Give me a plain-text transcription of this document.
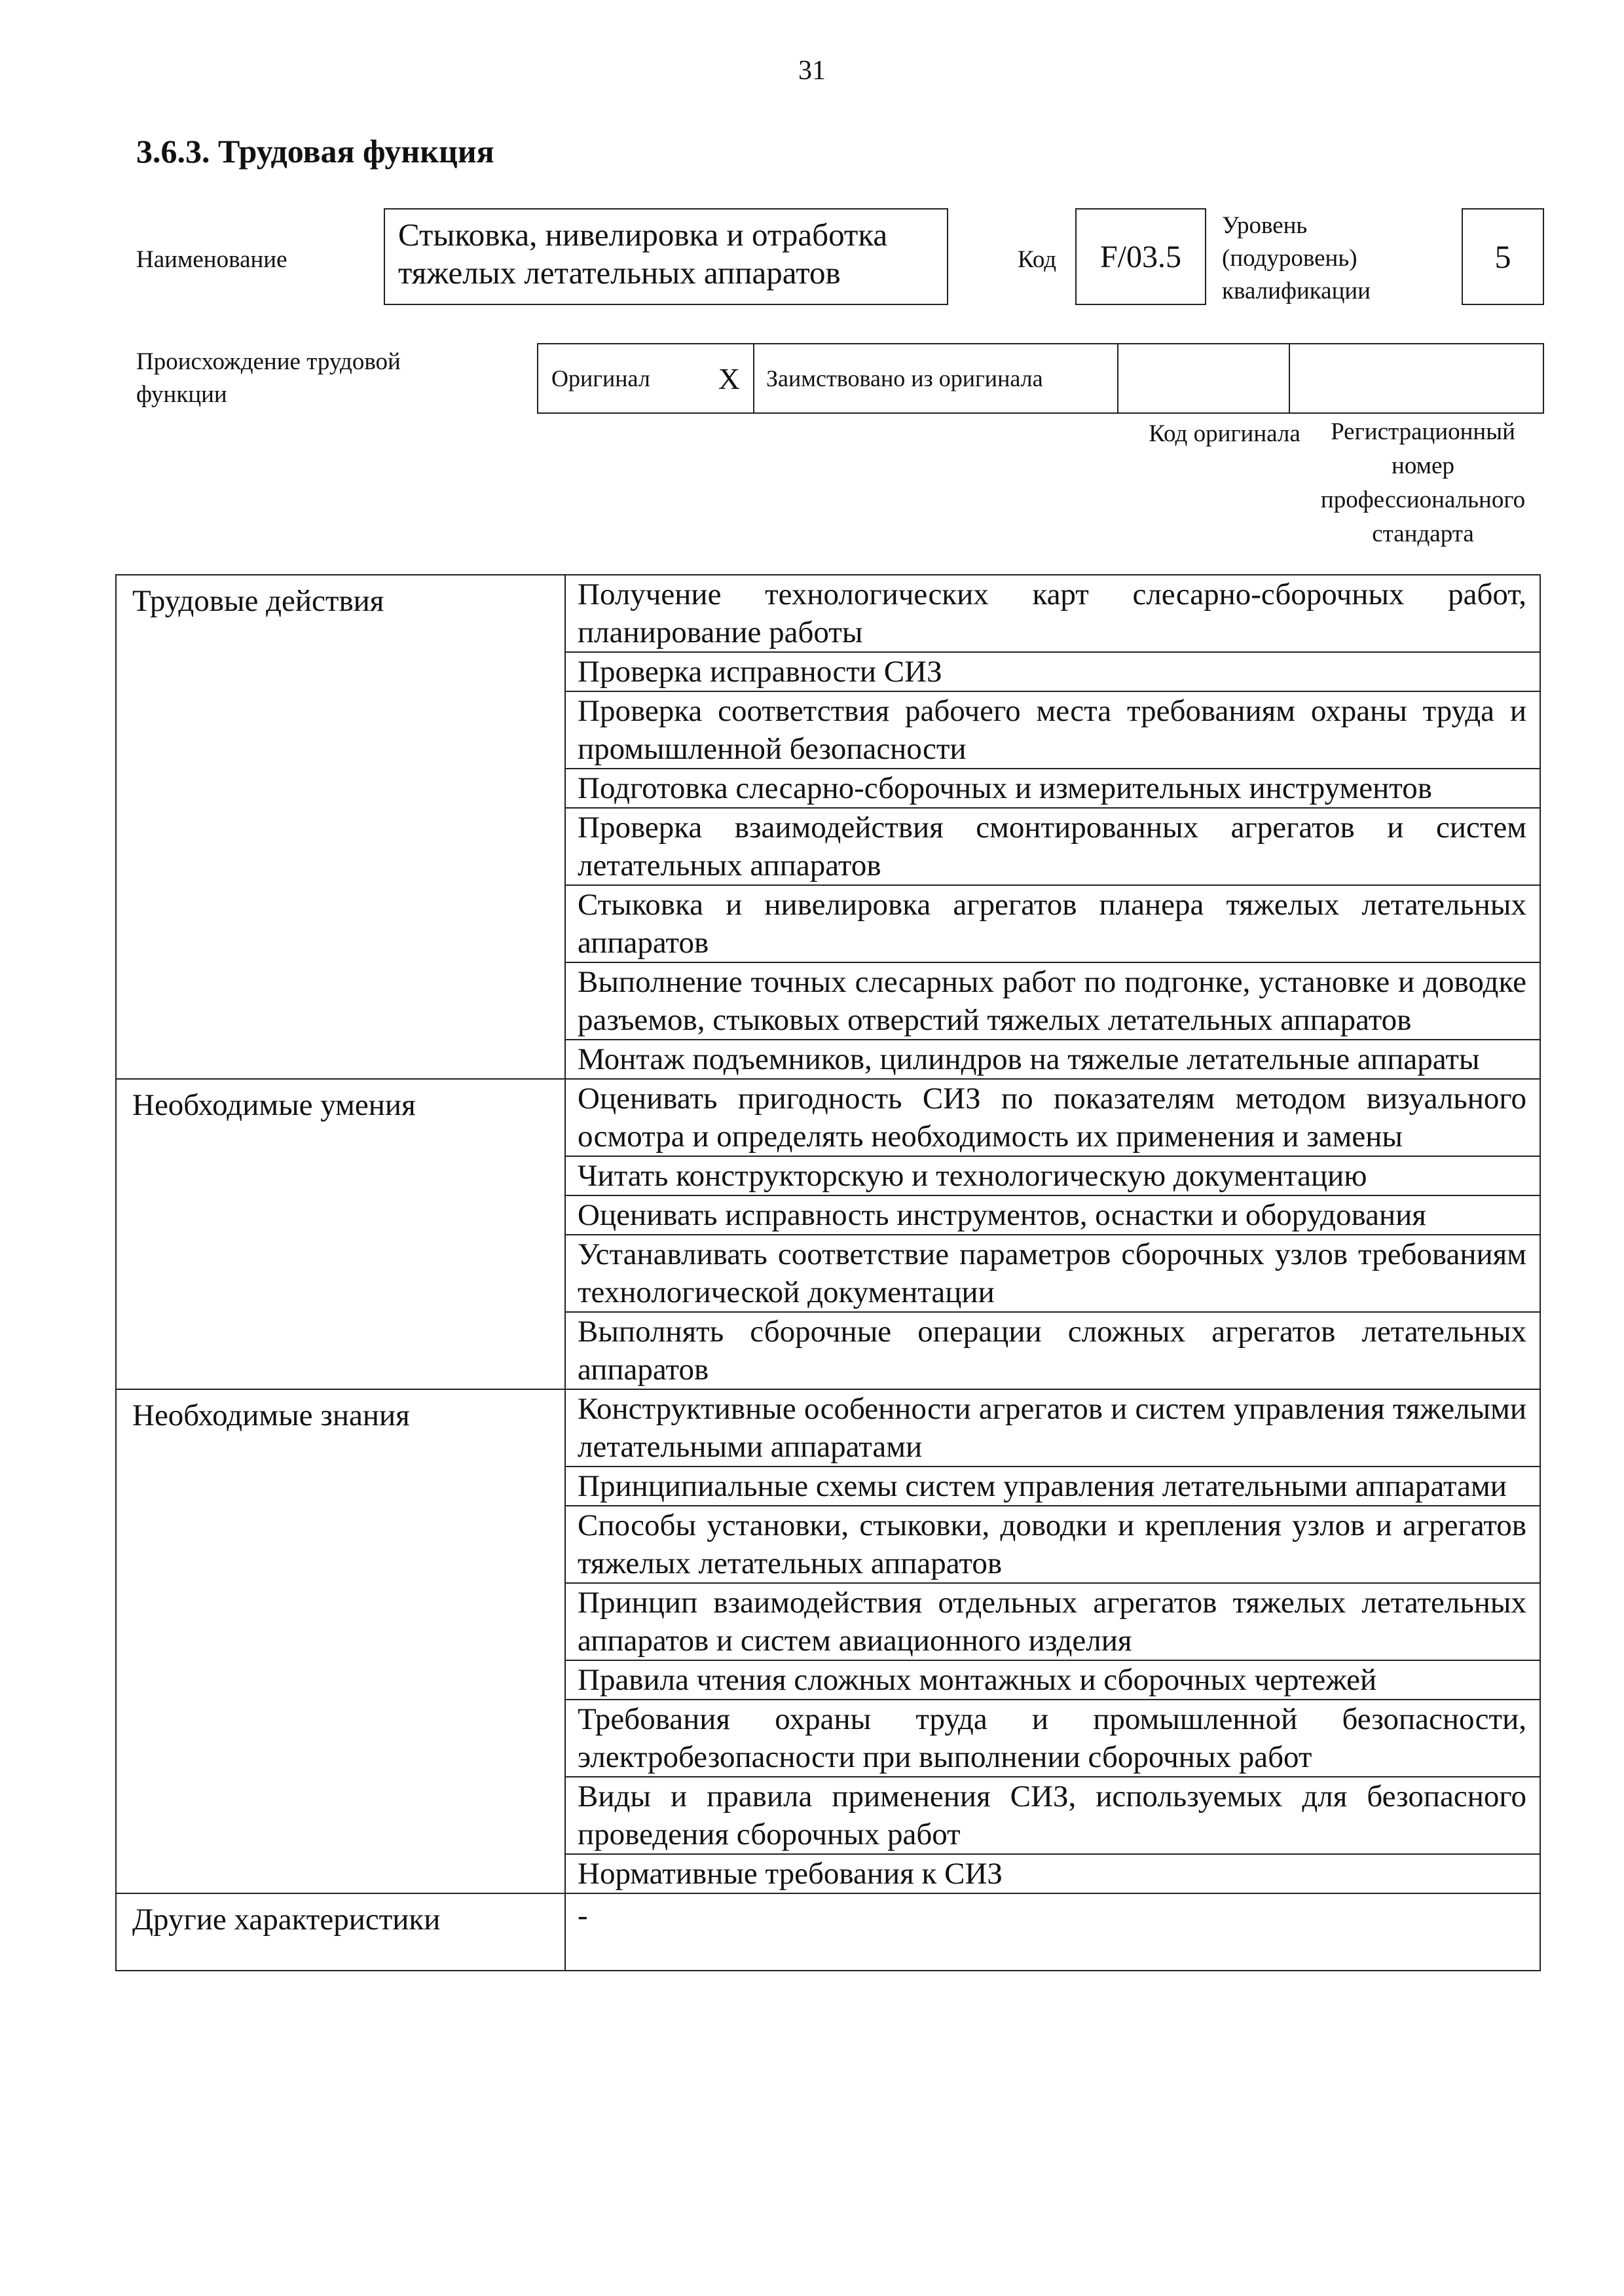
31
3.6.3. Трудовая функция
Наименование
Стыковка, нивелировка и отработка тяжелых летательных аппаратов	Код	F/03.5
Уровень (подуровень) квалификации
5
Происхождение трудовой функции
Оригинал X Заимствовано из оригинала
Код оригинала	Регистрационный номер профессионального стандарта
Трудовые действия	Получение технологических карт слесарно-сборочных работ, планирование работы
	Проверка исправности СИЗ
	Проверка соответствия рабочего места требованиям охраны труда и промышленной безопасности
	Подготовка слесарно-сборочных и измерительных инструментов
	Проверка взаимодействия смонтированных агрегатов и систем летательных аппаратов
	Стыковка и нивелировка агрегатов планера тяжелых летательных аппаратов
	Выполнение точных слесарных работ по подгонке, установке и доводке разъемов, стыковых отверстий тяжелых летательных аппаратов
	Монтаж подъемников, цилиндров на тяжелые летательные аппараты
Необходимые умения	Оценивать пригодность СИЗ по показателям методом визуального осмотра и определять необходимость их применения и замены
	Читать конструкторскую и технологическую документацию
	Оценивать исправность инструментов, оснастки и оборудования
	Устанавливать соответствие параметров сборочных узлов требованиям технологической документации
	Выполнять сборочные операции сложных агрегатов летательных аппаратов
Необходимые знания	Конструктивные особенности агрегатов и систем управления тяжелыми летательными аппаратами
	Принципиальные схемы систем управления летательными аппаратами
	Способы установки, стыковки, доводки и крепления узлов и агрегатов тяжелых летательных аппаратов
	Принцип взаимодействия отдельных агрегатов тяжелых летательных аппаратов и систем авиационного изделия
	Правила чтения сложных монтажных и сборочных чертежей
	Требования охраны труда и промышленной безопасности, электробезопасности при выполнении сборочных работ
	Виды и правила применения СИЗ, используемых для безопасного проведения сборочных работ
	Нормативные требования к СИЗ
Другие характеристики	-
